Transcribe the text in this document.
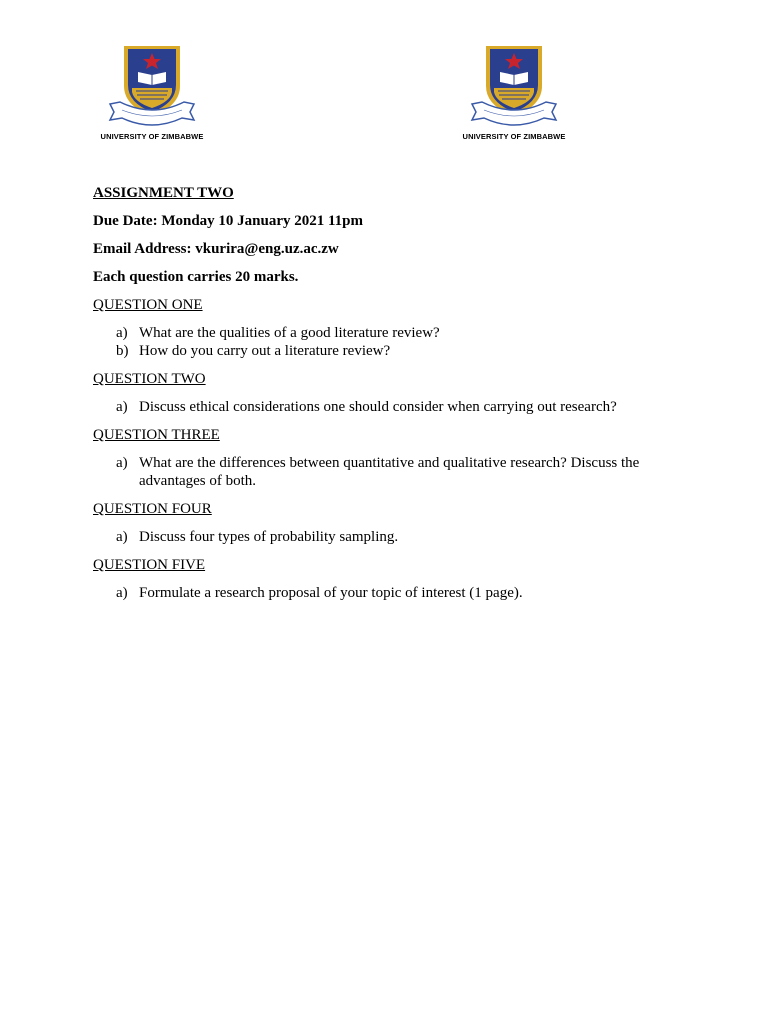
UNIVERSITY OF ZIMBABWE	UNIVERSITY OF ZIMBABWE

ASSIGNMENT TWO

Due Date: Monday 10 January 2021 11pm

Email Address: vkurira@eng.uz.ac.zw

Each question carries 20 marks.

QUESTION ONE

a) What are the qualities of a good literature review?
b) How do you carry out a literature review?

QUESTION TWO

a) Discuss ethical considerations one should consider when carrying out research?

QUESTION THREE

a) What are the differences between quantitative and qualitative research? Discuss the advantages of both.

QUESTION FOUR

a) Discuss four types of probability sampling.

QUESTION FIVE

a) Formulate a research proposal of your topic of interest (1 page).
